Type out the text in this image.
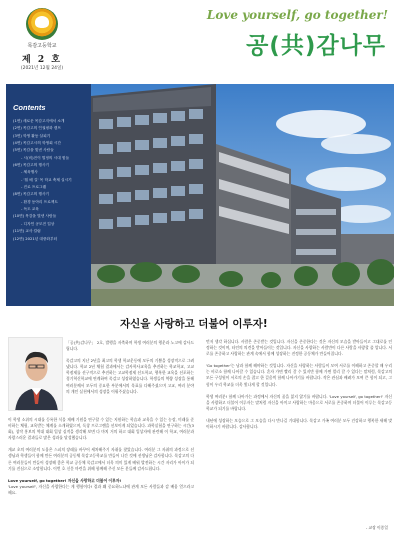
목감고등학교
제 2 호
(2021년 12월 24일)
Love yourself, go together!
공(共)감나무
Contents
(1면) 새로운 목감고지에서 소개
(2면) 목감고의 인권평화 캠프
(3면) 학생 활동 살피기
(4면) 목감고시의 학생회 시간
(5면) 목감을 빛낸 사람들
- 시(비)전이 열정의 시대 힘들
(6면) 목감고의 행사기
- 체육행사
- '흰 배 길' 목 학교 축제 실시기
- 진로 프로그램
(8면) 목감고의 행사기
- 환경 동아리 프로젝트
- 독도 교육
(10면) 목감을 빛낸 사람들
- 디자인 공모전 입상
(11면) 교사 칼럼
(12면) 2021년 대중화부터
자신을 사랑하고 더불어 이루자!

「공(共)감나무」 2호, 발행을 자축하며 학생 여러분의 행운과 노고에 감사드립니다.

목감고의 지난 2년을 최고의 학생 학교운동에 모두의 기쁨을 성장적으로 그려냈니다. 학교 2년 체험 결과에서는 감사학사교육을 추진하는 학교학교, 고교학점제를 선구적으로 추진하는 고교학점제 선도학교, 행복한 교육을 선포하는 경기혁신학교에 연계하여 목감고 성장하였습니다. 학생들의 역량 성장을 통해 여러분께서 모두의 중요한 부분에서의 목표를 다해주셨으며 고교, 여러 분야의 개인 실천에서의 성장을 이뤄주셨습니다.

이 학생 소위의 시대를 등록한 식물 재배 기원을 연구할 수 있는 지원하는 학습과 교육을 수 있는 농장, 미래를 준비하는 체험, 교육받는 체계를 소개하였으며, 독창 프로그램을 선보이게 되었습니다. 과학실험을 연구하는 시간(3회), 창작 홍보의 역대 대회 입상 실적을 생각해 보면 다 마치 거의 하고 대회 입상자에 관련해 이 학교, 여러분과 자랑스러운 결과들로 많은 성과를 달성했습니다.

개교 초의 여러분의 도움은 스피치 장래를 바꾸어 세차해주기 자취를 찾았습니다. 여러분 그 자취의 과정으로 선생님과 학생들이 함께 만든 여러분의 공동체 목감고등학교를 만들어 나간 것에 선생님은 감사합니다. 목감고의 다른 여러분들이 만들어 성장해 좋은 학교 공동체 목감고에서 더욱 의미 있게 배워 발전하는 시간 자리가 아이가 되기를 진심으로 소망합니다. 이번 호 신문 마련을 위해 함께해 주신 모든 분들께 감사드립니다.

Love yourself, go together! 자신을 사랑하고 더불어 이루자!

'Love yourself', 자신을 사랑한다는 게 행함이다! 결과 왜 중요하느냐에 관계 모든 사람들과 감 배움 얻으라고 해요.

먼저 생각 하십니다. 사람은 존중받는 것입니다. 자신을 존중한다는 것은 자신의 모습을 받아들이고 그대로를 인정하는 것이며, 타인의 의견을 받아들이는 것입니다. 자신을 사랑하는 사람만이 다른 사람을 사랑할 줄 압니다. 서로를 존중하고 사랑하는 관계 속에서 함께 성장하는 진정한 공동체가 만들어집니다.

'Go together'는 남과 함께 해야하는 것입니다. 자신을 사랑하는 사람들이 모여 서로를 이해하고 존중할 때 우리는 비로소 함께 나아갈 수 있습니다. 혼자 가면 빨리 갈 수 있지만 함께 가면 멀리 갈 수 있다는 말처럼, 목감고의 모든 구성원이 서로의 손을 잡고 한 걸음씩 함께 나아가기를 바랍니다. 작은 관심과 배려가 모여 큰 힘이 되고, 그 힘이 우리 학교를 더욱 빛나게 할 것입니다.

학생 여러분! 함께 나아가는 과정에서 자신의 꿈을 잃지 않기를 바랍니다. 'Love yourself, go together!' 자신을 사랑하고 더불어 이루자는 말처럼 자신을 아끼고 사랑하는 마음으로 서로를 존중하며 더불어 이루는 목감고등학교가 되기를 바랍니다.

내년에 성장하는 모습으로 그 모습을 다시 만나길 기대합니다. 목감고 가족 여러분 모두 건강하고 행복한 새해 맞이하시기 바랍니다. 감사합니다.

- 교장 이종일
